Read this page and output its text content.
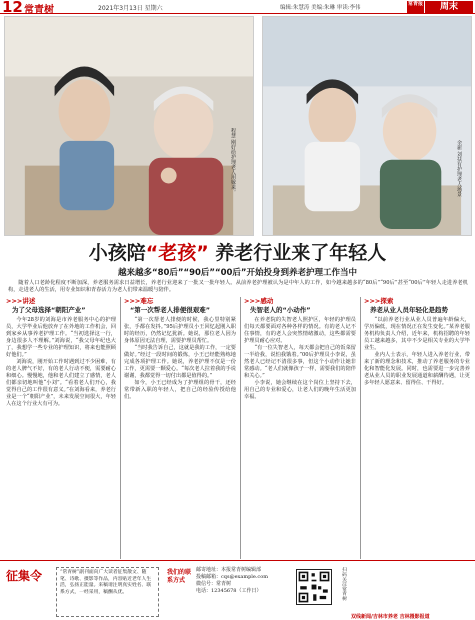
12 常青树	2021年3月13日 星期六	编辑:朱慧涛 美编:朱琳 审读:李伟
常青报	周末
程慧 刚好给护理老人用嫁来。	余新 刘扶有护理老人场景
小孩陪“老孩” 养老行业来了年轻人
越来越多“80后”“90后”“00后”开始投身到养老护理工作当中
随着人口老龄化程度不断加深，养老服务需求日益增长，养老行业迎来了一批又一批年轻人。从前养老护理被认为是中年人的工作，如今越来越多的“80后”“90后”甚至“00后”年轻人走进养老机构，走进老人的生活，用专业知识和青春活力为老人们带来温暖与陪伴。
>>>讲述
为了父母选择“朝阳产业”

今年28岁的刘海是市养老服务中心的护理员，大学毕业后他放弃了在外地的工作机会，回到家乡从事养老护理工作。“当初选择这一行，身边很多人不理解。”刘海说，“我父母年纪也大了，我想学一些专业的护理知识，将来也能照顾好他们。”

刘海说，刚开始工作时遇到过不少困难，有的老人脾气不好，有的老人行动不便，需要耐心和细心。慢慢地，他和老人们建立了感情，老人们都亲切地叫他“小刘”。“看着老人们开心，我觉得自己的工作很有意义。”在刘海看来，养老行业是一个“朝阳产业”，未来发展空间很大，年轻人在这个行业大有可为。

>>>难忘
“第一次帮老人排便很艰难”

“第一次帮老人排便的时候，我心里特别紧张，手都在发抖。”95后护理员小王回忆起刚入职时的经历，仍然记忆犹新。她说，那位老人因为身体原因无法自理，需要护理员帮忙。

“当时我告诉自己，这就是我的工作，一定要做好。”经过一段时间的锻炼，小王已经能熟练地完成各项护理工作。她说，养老护理不仅是一份工作，更需要一颗爱心。“每次老人拉着我的手说谢谢，我都觉得一切付出都是值得的。”

如今，小王已经成为了护理组的骨干，还经常带新入职的年轻人，把自己的经验传授给他们。

>>>感动
失智老人的“小动作”

在养老院的失智老人照护区，年轻的护理员们每天都要面对各种各样的情况。有的老人记不住事情，有的老人会突然情绪激动，这些都需要护理员耐心应对。

“有一位失智老人，每天都会把自己的饭菜留一半给我，说怕我饿着。”00后护理员小李说，虽然老人已经记不清很多事，但这个小动作让她非常感动。“老人们就像孩子一样，需要我们的陪伴和关心。”

小李说，她会继续在这个岗位上坚持下去，用自己的专业和爱心，让老人们的晚年生活更加幸福。

>>>探索
养老从业人员年轻化是趋势

“以前养老行业从业人员普遍年龄偏大，学历偏低，现在情况正在发生变化。”某养老服务机构负责人介绍，近年来，机构招聘的年轻员工越来越多，其中不少是相关专业的大学毕业生。

业内人士表示，年轻人进入养老行业，带来了新的理念和技术，推动了养老服务的专业化和智能化发展。同时，也需要进一步完善养老从业人员的职业发展通道和薪酬待遇，让更多年轻人愿意来、留得住、干得好。

征集令	“常青树”副刊面向广大读者征集散文、随笔、诗歌、摄影等作品，内容贴近老年人生活，弘扬正能量。来稿请注明真实姓名、联系方式，一经采用，稿酬从优。
我们的联系方式
邮寄地址：本报常青树编辑部
投稿邮箱：cqs@example.com
微信号：常青树
电话：12345678（工作日）	扫码关注常青树
双线新闻/吉林市养老 吉林摄影报道
